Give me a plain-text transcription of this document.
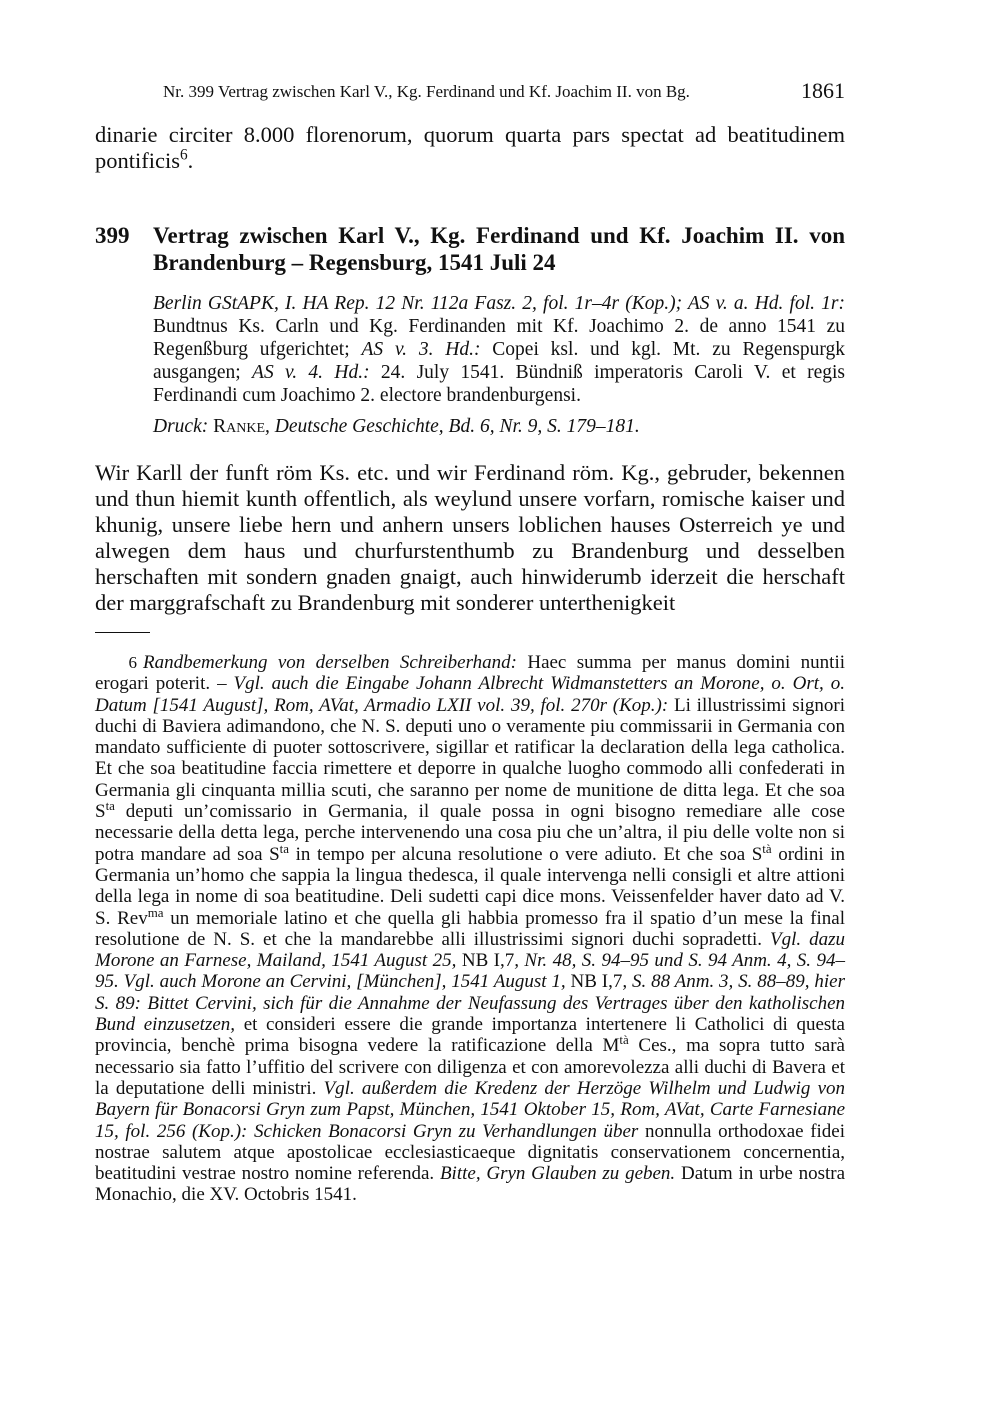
Nr. 399 Vertrag zwischen Karl V., Kg. Ferdinand und Kf. Joachim II. von Bg.	1861
dinarie circiter 8.000 florenorum, quorum quarta pars spectat ad beatitudinem pontificis$^6$.
399 Vertrag zwischen Karl V., Kg. Ferdinand und Kf. Joachim II. von Brandenburg – Regensburg, 1541 Juli 24

Berlin GStAPK, I. HA Rep. 12 Nr. 112a Fasz. 2, fol. 1r–4r (Kop.); AS v. a. Hd. fol. 1r: Bundtnus Ks. Carln und Kg. Ferdinanden mit Kf. Joachimo 2. de anno 1541 zu Regenßburg ufgerichtet; AS v. 3. Hd.: Copei ksl. und kgl. Mt. zu Regenspurgk ausgangen; AS v. 4. Hd.: 24. July 1541. Bündniß imperatoris Caroli V. et regis Ferdinandi cum Joachimo 2. electore brandenburgensi.

Druck: Ranke, Deutsche Geschichte, Bd. 6, Nr. 9, S. 179–181.

Wir Karll der funft röm Ks. etc. und wir Ferdinand röm. Kg., gebruder, bekennen und thun hiemit kunth offentlich, als weylund unsere vorfarn, romische kaiser und khunig, unsere liebe hern und anhern unsers loblichen hauses Osterreich ye und alwegen dem haus und churfurstenthumb zu Brandenburg und desselben herschaften mit sondern gnaden gnaigt, auch hinwiderumb iderzeit die herschaft der marggrafschaft zu Brandenburg mit sonderer unterthenigkeit

6 Randbemerkung von derselben Schreiberhand: Haec summa per manus domini nuntii erogari poterit. – Vgl. auch die Eingabe Johann Albrecht Widmanstetters an Morone, o. Ort, o. Datum [1541 August], Rom, AVat, Armadio LXII vol. 39, fol. 270r (Kop.): Li illustrissimi signori duchi di Baviera adimandono, che N. S. deputi uno o veramente piu commissarii in Germania con mandato sufficiente di puoter sottoscrivere, sigillar et ratificar la declaration della lega catholica. Et che soa beatitudine faccia rimettere et deporre in qualche luogho commodo alli confederati in Germania gli cinquanta millia scuti, che saranno per nome de munitione de ditta lega. Et che soa $S^{ta}$ deputi un’comissario in Germania, il quale possa in ogni bisogno remediare alle cose necessarie della detta lega, perche intervenendo una cosa piu che un’altra, il piu delle volte non si potra mandare ad soa $S^{ta}$ in tempo per alcuna resolutione o vere adiuto. Et che soa $S^{tà}$ ordini in Germania un’homo che sappia la lingua thedesca, il quale intervenga nelli consigli et altre attioni della lega in nome di soa beatitudine. Deli sudetti capi dice mons. Veissenfelder haver dato ad V. S. Rev$^{ma}$ un memoriale latino et che quella gli habbia promesso fra il spatio d’un mese la final resolutione de N. S. et che la mandarebbe alli illustrissimi signori duchi sopradetti. Vgl. dazu Morone an Farnese, Mailand, 1541 August 25, NB I,7, Nr. 48, S. 94–95 und S. 94 Anm. 4, S. 94–95. Vgl. auch Morone an Cervini, [München], 1541 August 1, NB I,7, S. 88 Anm. 3, S. 88–89, hier S. 89: Bittet Cervini, sich für die Annahme der Neufassung des Vertrages über den katholischen Bund einzusetzen, et consideri essere die grande importanza intertenere li Catholici di questa provincia, benchè prima bisogna vedere la ratificazione della $M^{tà}$ Ces., ma sopra tutto sarà necessario sia fatto l’uffitio del scrivere con diligenza et con amorevolezza alli duchi di Bavera et la deputatione delli ministri. Vgl. außerdem die Kredenz der Herzöge Wilhelm und Ludwig von Bayern für Bonacorsi Gryn zum Papst, München, 1541 Oktober 15, Rom, AVat, Carte Farnesiane 15, fol. 256 (Kop.): Schicken Bonacorsi Gryn zu Verhandlungen über nonnulla orthodoxae fidei nostrae salutem atque apostolicae ecclesiasticaeque dignitatis conservationem concernentia, beatitudini vestrae nostro nomine referenda. Bitte, Gryn Glauben zu geben. Datum in urbe nostra Monachio, die XV. Octobris 1541.
